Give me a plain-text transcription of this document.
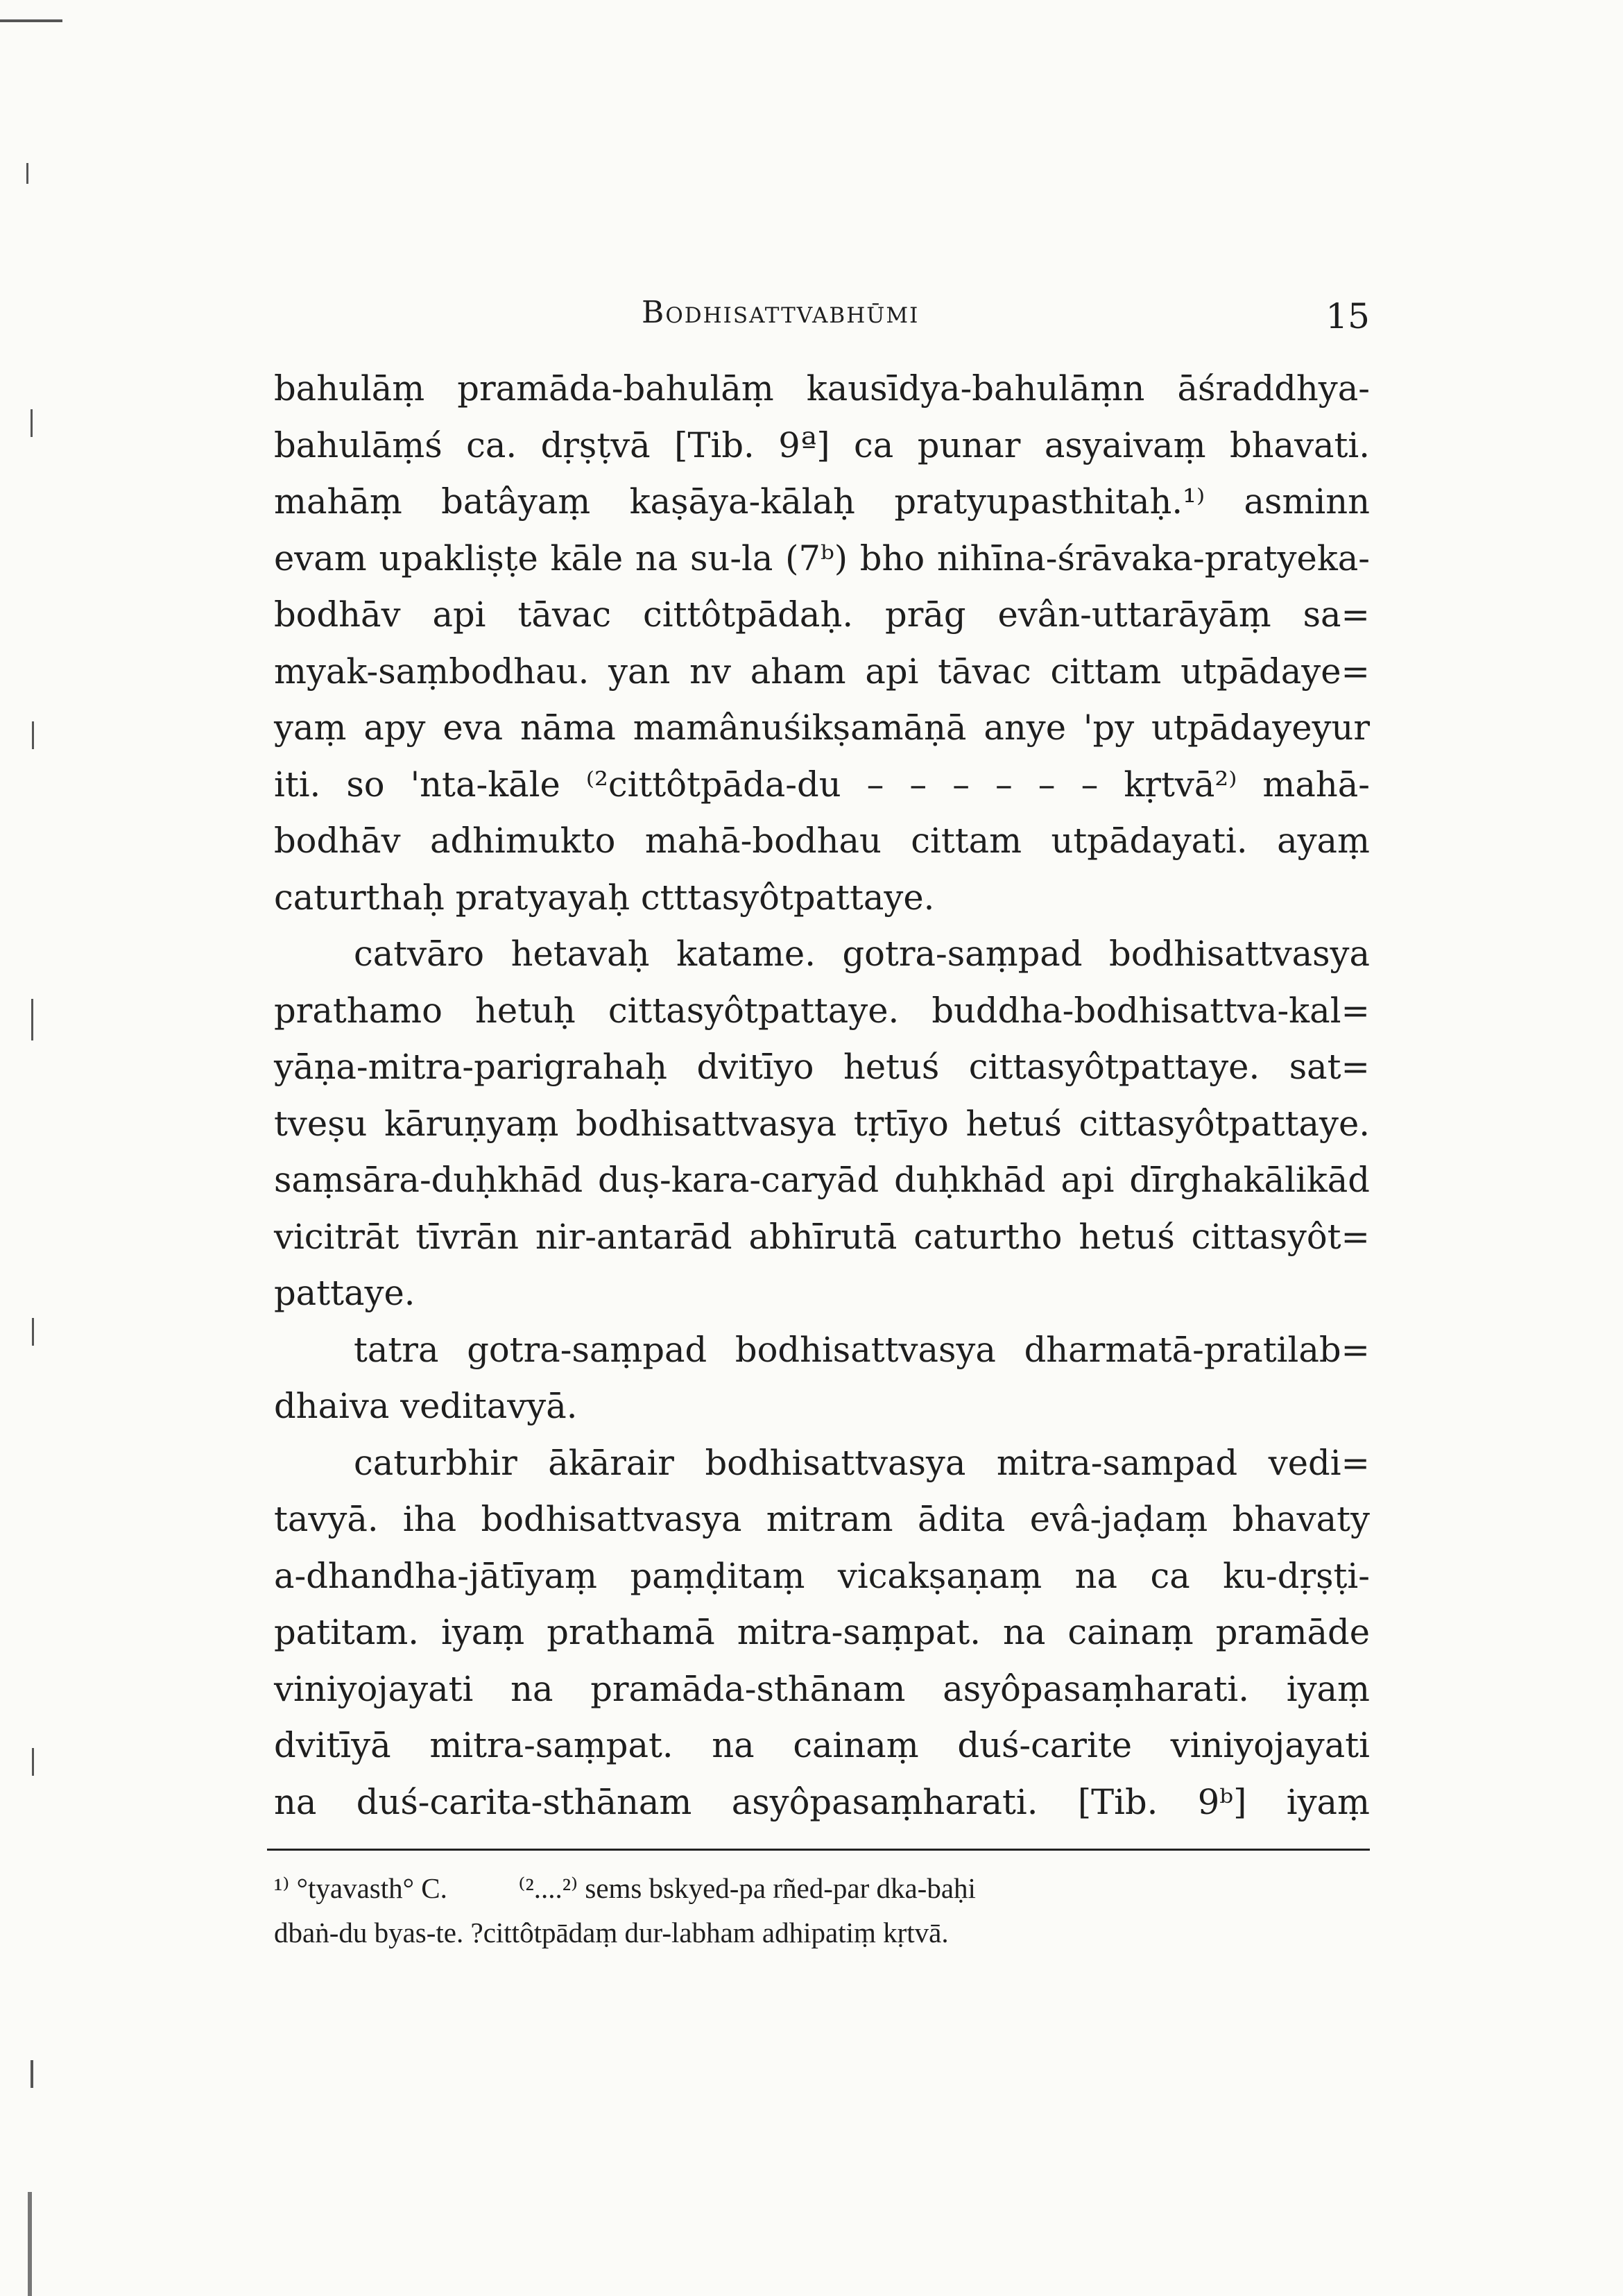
Bodhisattvabhūmi	15
bahulāṃ pramāda-bahulāṃ kausīdya-bahulāṃn āśraddhya-
bahulāṃś ca. dṛṣṭvā [Tib. 9ª] ca punar asyaivaṃ bhavati.
mahāṃ batâyaṃ kaṣāya-kālaḥ pratyupasthitaḥ.¹⁾ asminn
evam upakliṣṭe kāle na su-la (7ᵇ) bho nihīna-śrāvaka-pratyeka-
bodhāv api tāvac cittôtpādaḥ. prāg evân-uttarāyāṃ sa=
myak-saṃbodhau. yan nv aham api tāvac cittam utpādaye=
yaṃ apy eva nāma mamânuśikṣamāṇā anye 'py utpādayeyur
iti. so 'nta-kāle ⁽²cittôtpāda-du – – – – – – kṛtvā²⁾ mahā-
bodhāv adhimukto mahā-bodhau cittam utpādayati. ayaṃ
caturthaḥ pratyayaḥ ctttasyôtpattaye.
catvāro hetavaḥ katame. gotra-saṃpad bodhisattvasya
prathamo hetuḥ cittasyôtpattaye. buddha-bodhisattva-kal=
yāṇa-mitra-parigrahaḥ dvitīyo hetuś cittasyôtpattaye. sat=
tveṣu kāruṇyaṃ bodhisattvasya tṛtīyo hetuś cittasyôtpattaye.
saṃsāra-duḥkhād duṣ-kara-caryād duḥkhād api dīrghakālikād
vicitrāt tīvrān nir-antarād abhīrutā caturtho hetuś cittasyôt=
pattaye.
tatra gotra-saṃpad bodhisattvasya dharmatā-pratilab=
dhaiva veditavyā.
caturbhir ākārair bodhisattvasya mitra-sampad vedi=
tavyā. iha bodhisattvasya mitram ādita evâ-jaḍaṃ bhavaty
a-dhandha-jātīyaṃ paṃḍitaṃ vicakṣaṇaṃ na ca ku-dṛṣṭi-
patitam. iyaṃ prathamā mitra-saṃpat. na cainaṃ pramāde
viniyojayati na pramāda-sthānam asyôpasaṃharati. iyaṃ
dvitīyā mitra-saṃpat. na cainaṃ duś-carite viniyojayati
na duś-carita-sthānam asyôpasaṃharati. [Tib. 9ᵇ] iyaṃ
¹⁾ °tyavasth° C.          ⁽²....²⁾ sems bskyed-pa rñed-par dka-baḥi
dbaṅ-du byas-te. ?cittôtpādaṃ dur-labham adhipatiṃ kṛtvā.
